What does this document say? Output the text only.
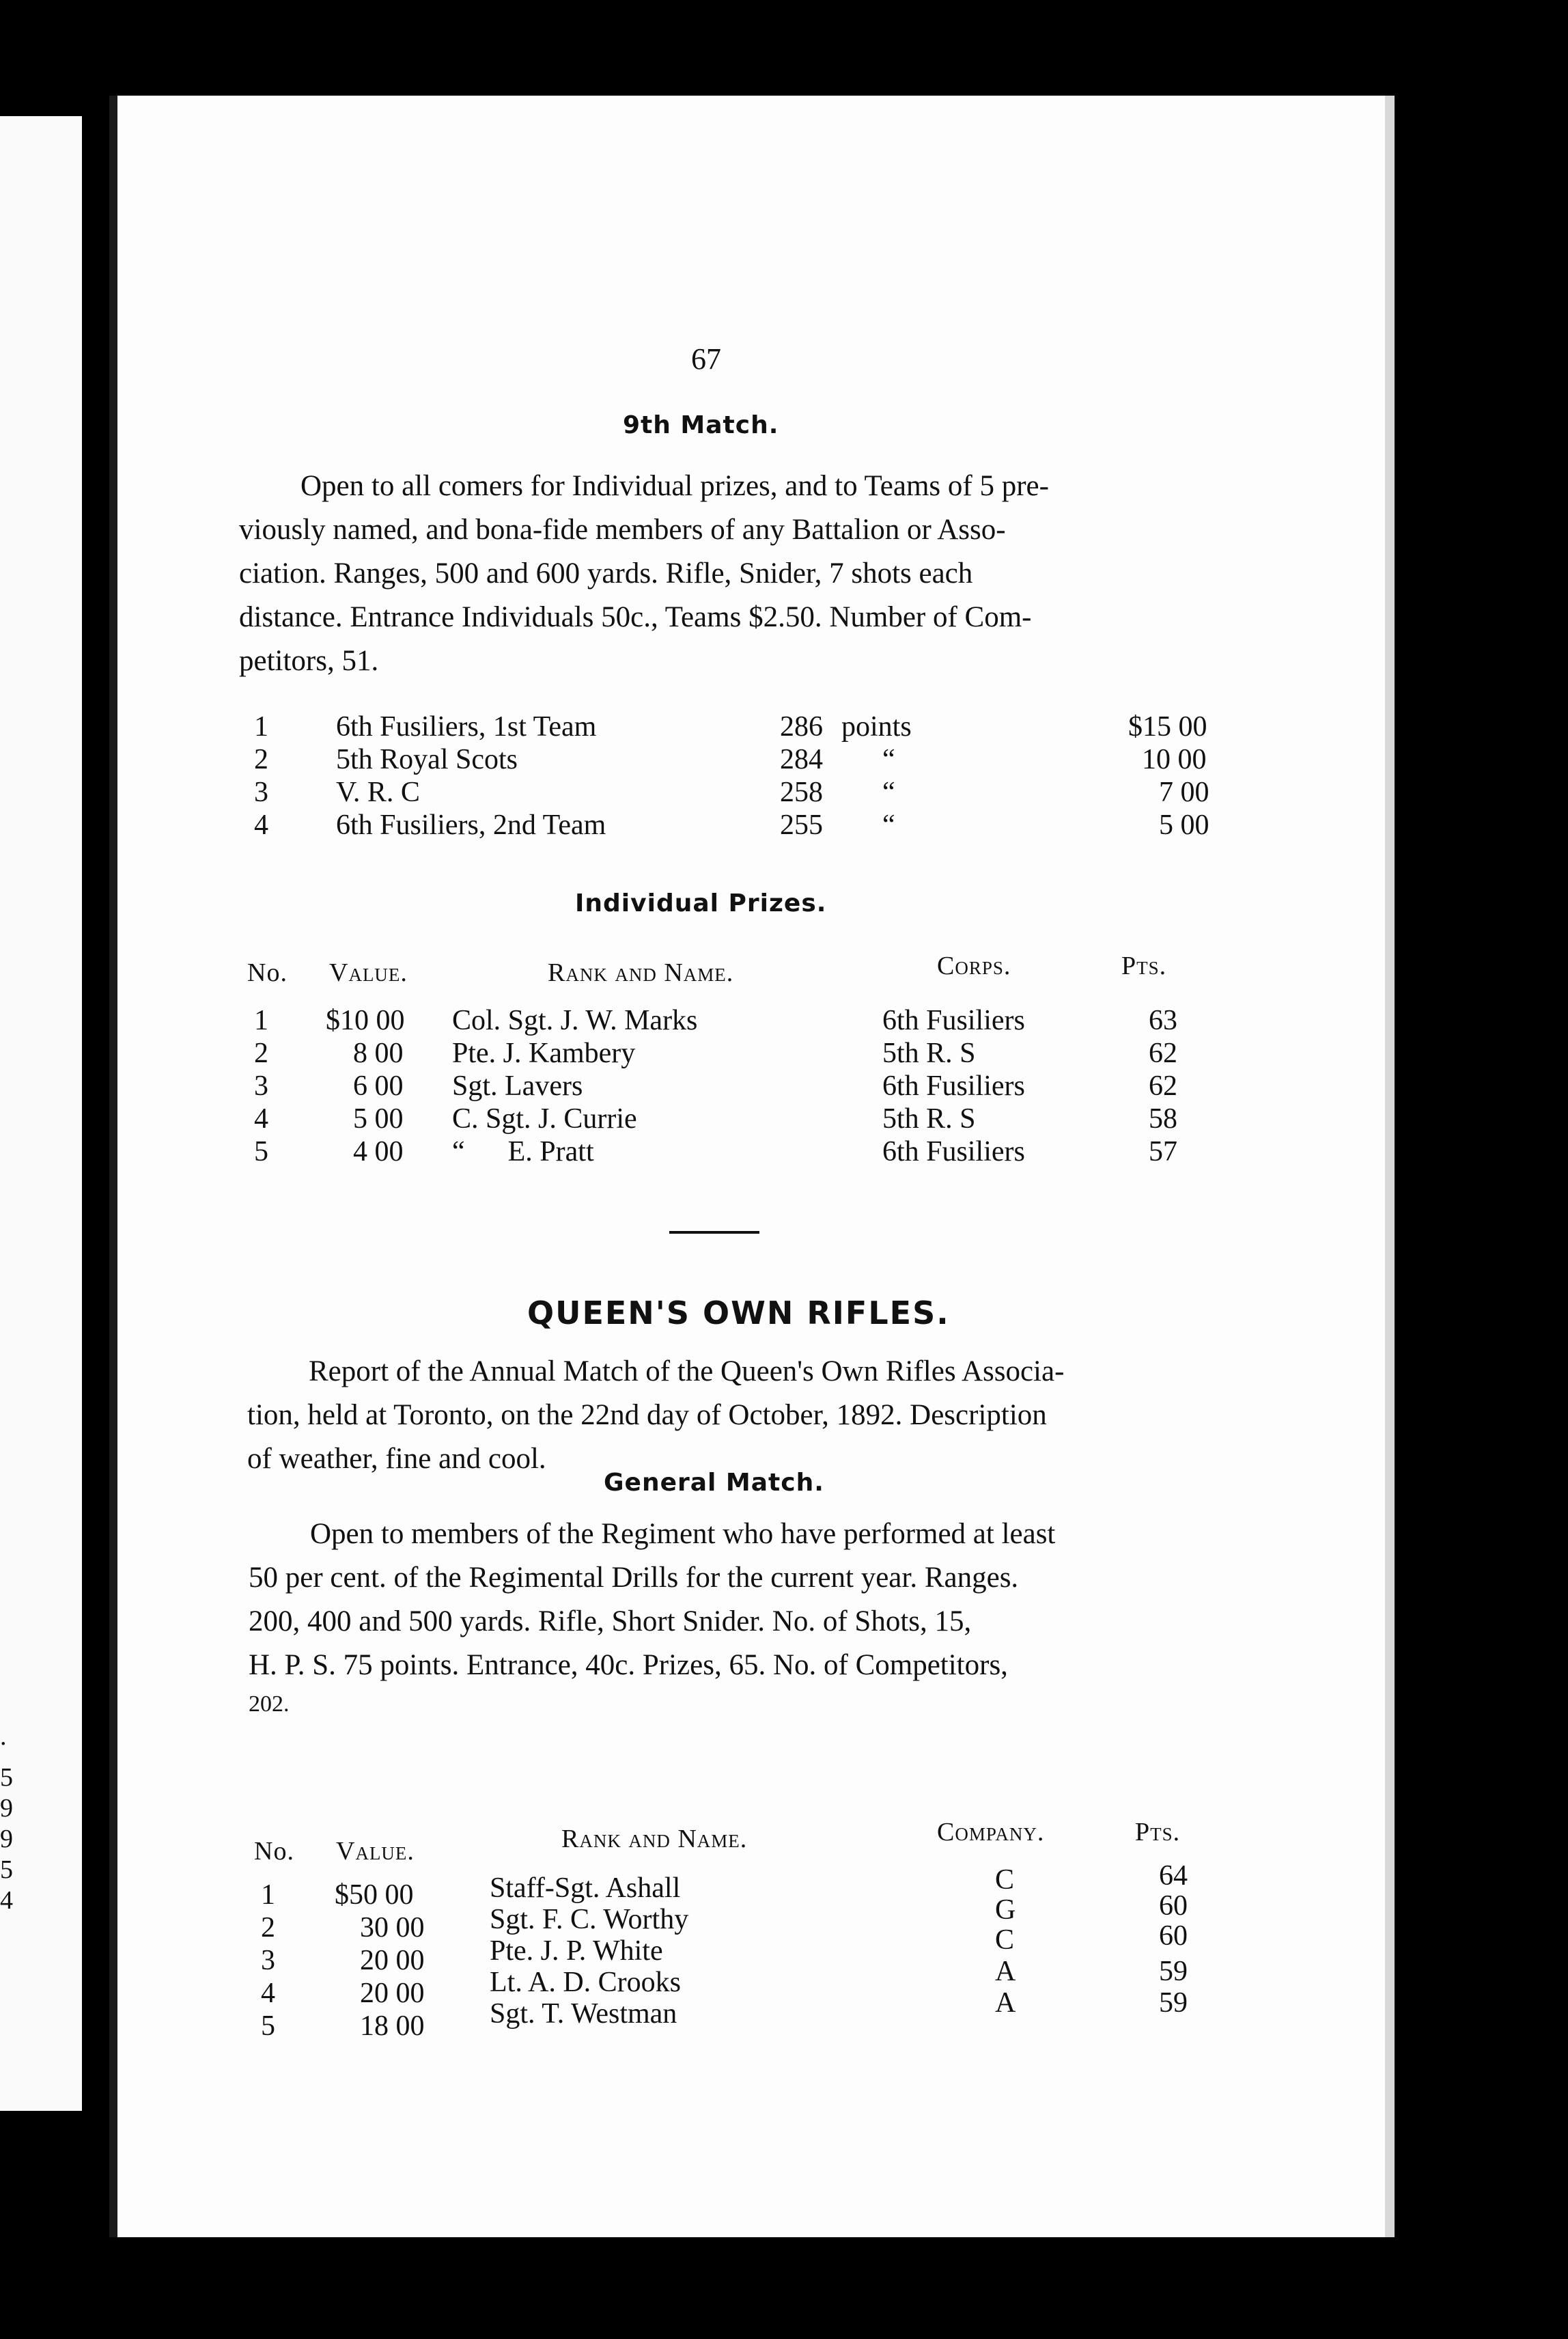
.
5
9
9
5
4
67
9th Match.
Open to all comers for Individual prizes, and to Teams of 5 pre-
viously named, and bona-fide members of any Battalion or Asso-
ciation. Ranges, 500 and 600 yards. Rifle, Snider, 7 shots each
distance. Entrance Individuals 50c., Teams $2.50. Number of Com-
petitors, 51.
1 6th Fusiliers, 1st Team	286 points	$15 00
2 5th Royal Scots	284 “	10 00
3 V. R. C	258 “	7 00
4 6th Fusiliers, 2nd Team	255 “	5 00
Individual Prizes.
No. Value.	Rank and Name.	Corps.	Pts.
1 $10 00 Col. Sgt. J. W. Marks	6th Fusiliers	63
2	8 00 Pte. J. Kambery	5th R. S	62
3	6 00 Sgt. Lavers	6th Fusiliers	62
4	5 00 C. Sgt. J. Currie	5th R. S	58
5	4 00 “      E. Pratt	6th Fusiliers	57
QUEEN'S OWN RIFLES.
Report of the Annual Match of the Queen's Own Rifles Associa-
tion, held at Toronto, on the 22nd day of October, 1892. Description
of weather, fine and cool.
General Match.
Open to members of the Regiment who have performed at least
50 per cent. of the Regimental Drills for the current year. Ranges.
200, 400 and 500 yards. Rifle, Short Snider. No. of Shots, 15,
H. P. S. 75 points. Entrance, 40c. Prizes, 65. No. of Competitors,
202.
No. Value.	Rank and Name.	Company.	Pts.
1 $50 00	Staff-Sgt. Ashall	C	64
2	30 00 Sgt. F. C. Worthy	G	60
3	20 00 Pte. J. P. White	C	60
4	20 00 Lt. A. D. Crooks	A	59
5	18 00 Sgt. T. Westman	A	59
